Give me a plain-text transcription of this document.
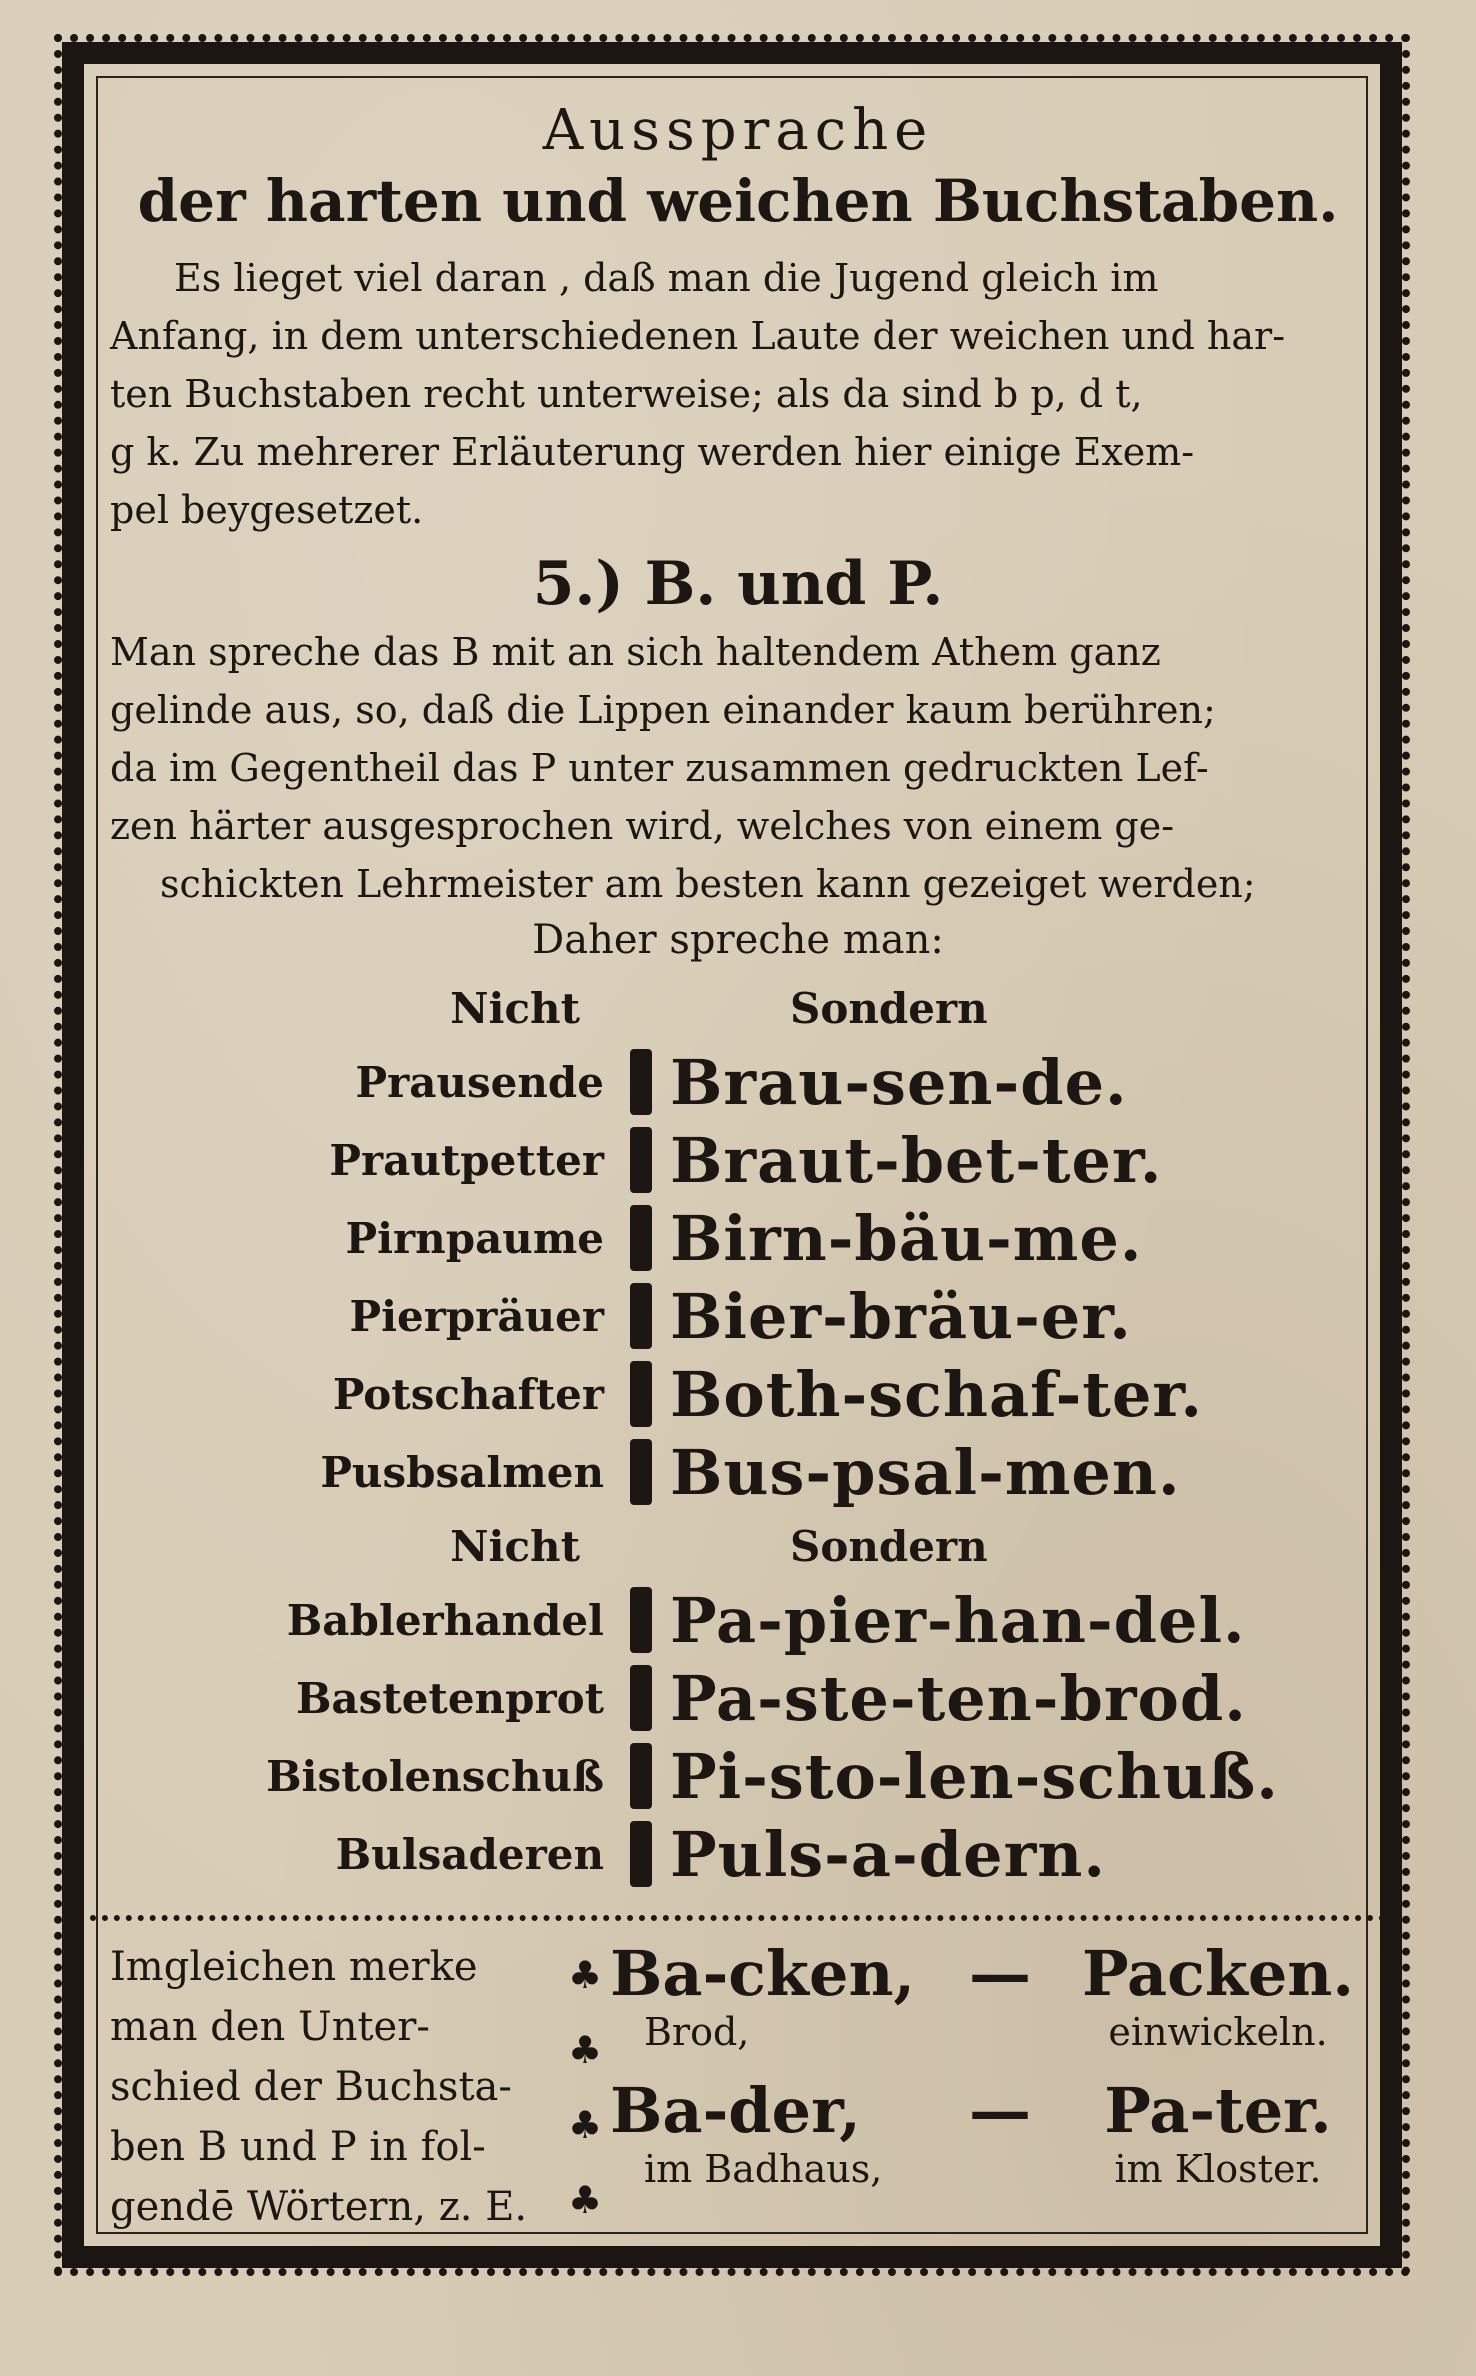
Aussprache
der harten und weichen Buchstaben.

Es lieget viel daran , daß man die Jugend gleich im
Anfang, in dem unterschiedenen Laute der weichen und har-
ten Buchstaben recht unterweise; als da sind b p, d t,
g k. Zu mehrerer Erläuterung werden hier einige Exem-
pel beygesetzet.

5.) B. und P.

Man spreche das B mit an sich haltendem Athem ganz
gelinde aus, so, daß die Lippen einander kaum berühren;
da im Gegentheil das P unter zusammen gedruckten Lef-
zen härter ausgesprochen wird, welches von einem ge-
schickten Lehrmeister am besten kann gezeiget werden;

Daher spreche man:
Nicht	Sondern
Prausende	Brau-sen-de.
Prautpetter	Braut-bet-ter.
Pirnpaume	Birn-bäu-me.
Pierpräuer	Bier-bräu-er.
Potschafter	Both-schaf-ter.
Pusbsalmen	Bus-psal-men.
Nicht	Sondern
Bablerhandel	Pa-pier-han-del.
Bastetenprot	Pa-ste-ten-brod.
Bistolenschuß	Pi-sto-len-schuß.
Bulsaderen	Puls-a-dern.
Imgleichen merke
man den Unter-
schied der Buchsta-
ben B und P in fol-
gendē Wörtern, z. E.
♣
♣
♣
♣
Ba-cken, — Packen.
Brod,	einwickeln.
Ba-der,	—	Pa-ter.
im Badhaus,	im Kloster.
